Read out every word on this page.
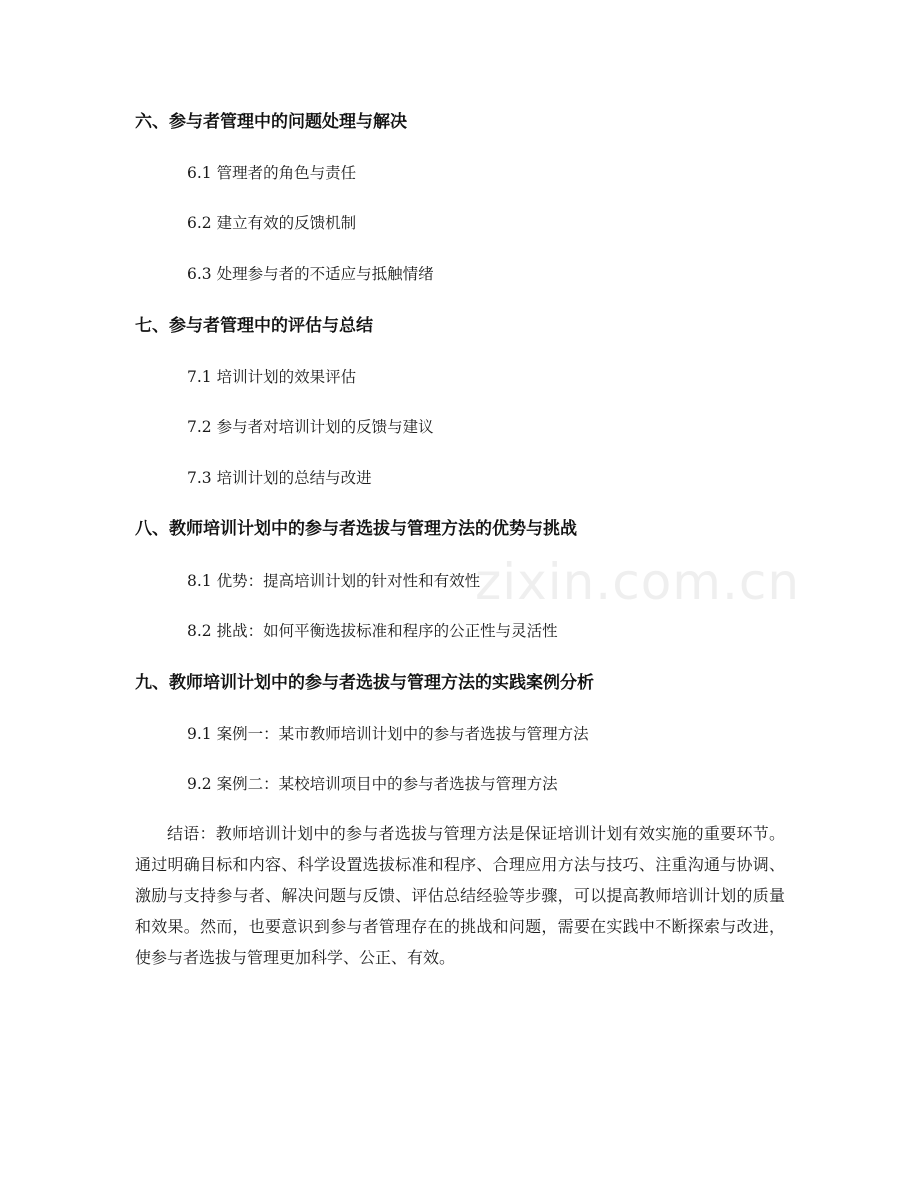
六、参与者管理中的问题处理与解决
6.1 管理者的角色与责任
6.2 建立有效的反馈机制
6.3 处理参与者的不适应与抵触情绪
七、参与者管理中的评估与总结
7.1 培训计划的效果评估
7.2 参与者对培训计划的反馈与建议
7.3 培训计划的总结与改进
八、教师培训计划中的参与者选拔与管理方法的优势与挑战
8.1 优势：提高培训计划的针对性和有效性
8.2 挑战：如何平衡选拔标准和程序的公正性与灵活性
九、教师培训计划中的参与者选拔与管理方法的实践案例分析
9.1 案例一：某市教师培训计划中的参与者选拔与管理方法
9.2 案例二：某校培训项目中的参与者选拔与管理方法
结语：教师培训计划中的参与者选拔与管理方法是保证培训计划有效实施的重要环节。通过明确目标和内容、科学设置选拔标准和程序、合理应用方法与技巧、注重沟通与协调、激励与支持参与者、解决问题与反馈、评估总结经验等步骤，可以提高教师培训计划的质量和效果。然而，也要意识到参与者管理存在的挑战和问题，需要在实践中不断探索与改进，使参与者选拔与管理更加科学、公正、有效。
zixin.com.cn
